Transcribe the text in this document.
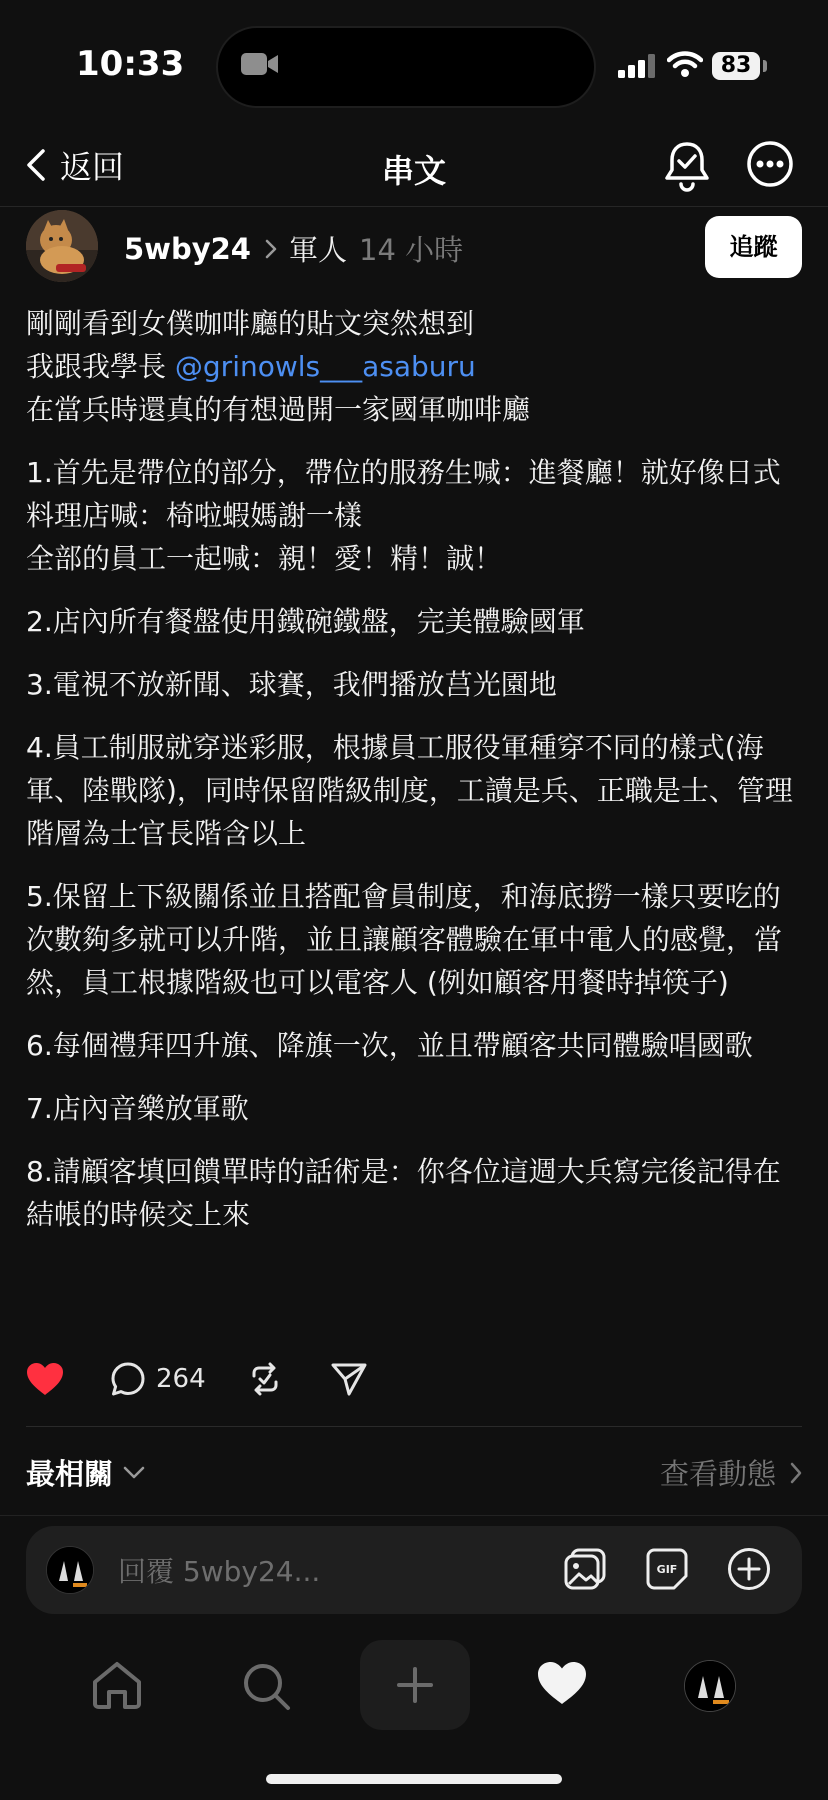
10:33	83
返回	串文
5wby24 軍人 14 小時	追蹤

剛剛看到女僕咖啡廳的貼文突然想到
我跟我學長 @grinowls___asaburu
在當兵時還真的有想過開一家國軍咖啡廳

1.首先是帶位的部分，帶位的服務生喊：進餐廳！就好像日式料理店喊：椅啦蝦媽謝一樣
全部的員工一起喊：親！愛！精！誠！

2.店內所有餐盤使用鐵碗鐵盤，完美體驗國軍

3.電視不放新聞、球賽，我們播放莒光園地

4.員工制服就穿迷彩服，根據員工服役軍種穿不同的樣式(海軍、陸戰隊)，同時保留階級制度，工讀是兵、正職是士、管理階層為士官長階含以上

5.保留上下級關係並且搭配會員制度，和海底撈一樣只要吃的次數夠多就可以升階，並且讓顧客體驗在軍中電人的感覺，當然，員工根據階級也可以電客人 (例如顧客用餐時掉筷子)

6.每個禮拜四升旗、降旗一次，並且帶顧客共同體驗唱國歌

7.店內音樂放軍歌

8.請顧客填回饋單時的話術是：你各位這週大兵寫完後記得在結帳的時候交上來

264
最相關	查看動態
回覆 5wby24...	GIF
